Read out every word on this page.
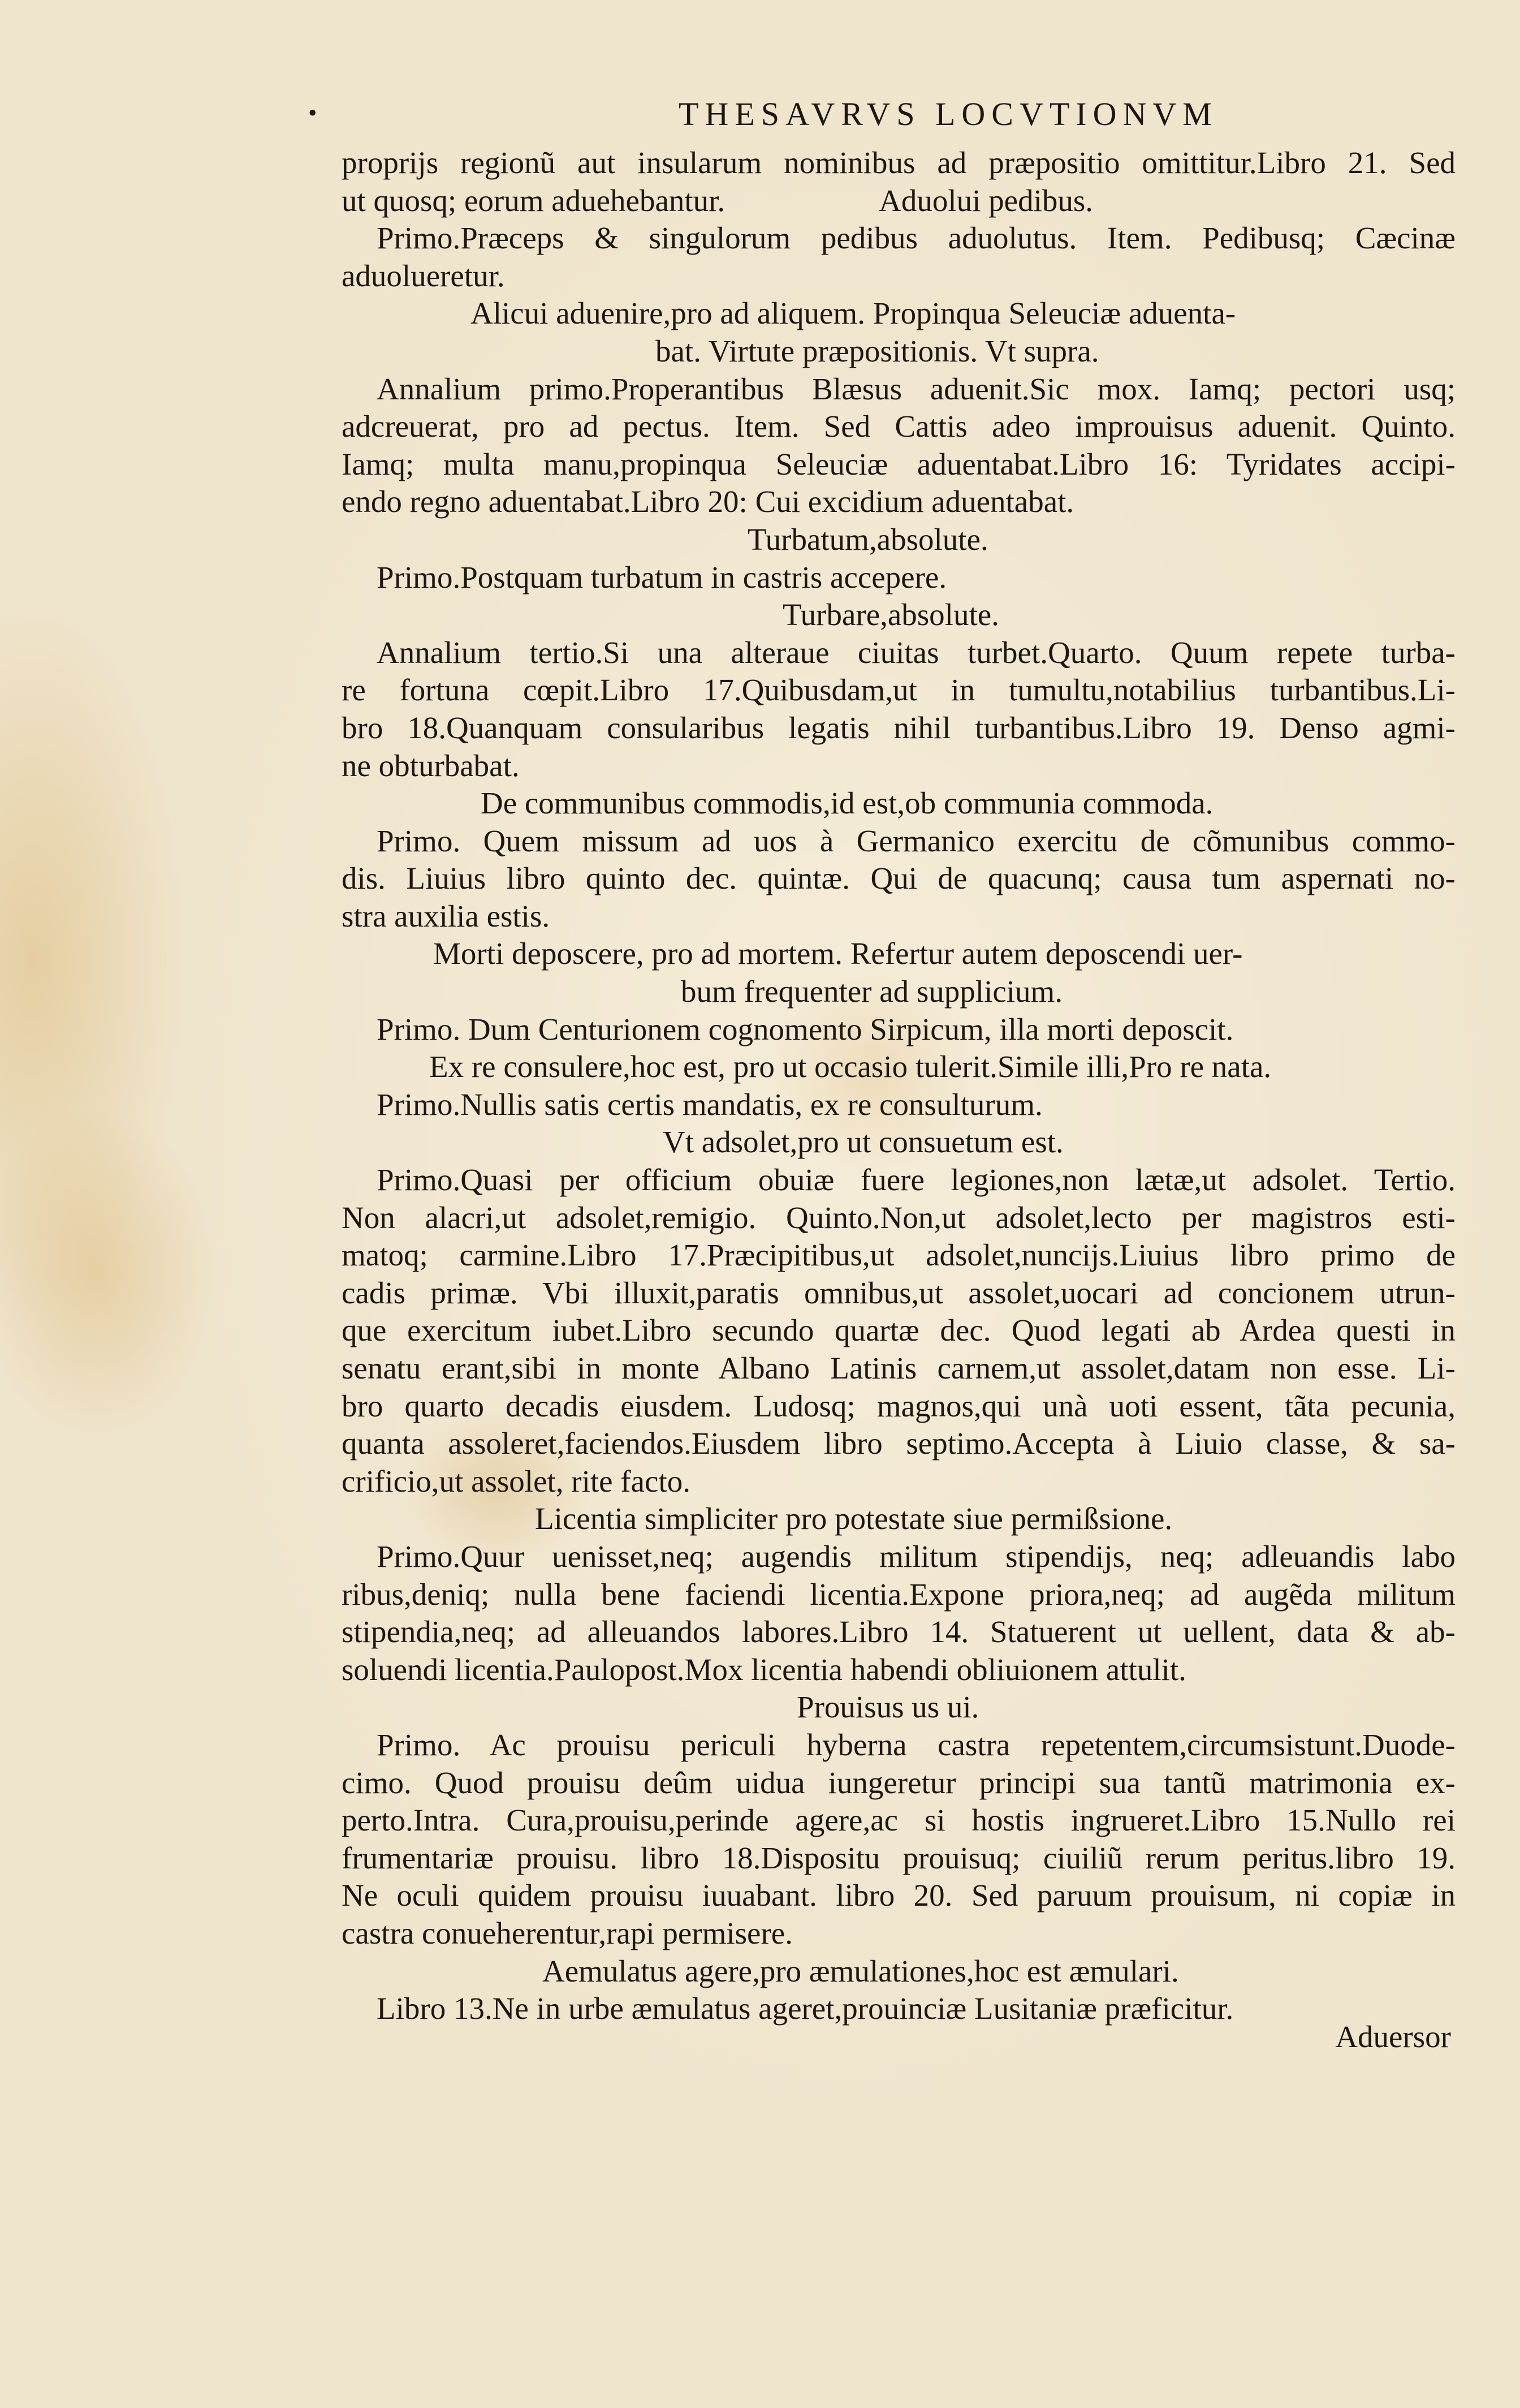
•	THESAVRVS LOCVTIONVM
propriјs regionũ aut insularum nominibus ad præpositio omittitur.Libro 21. Sed
ut quosq; eorum aduehebantur.                    Aduolui pedibus.
Primo.Præceps & singulorum pedibus aduolutus. Item. Pedibusq; Cæcinæ
aduolueretur.
Alicui aduenire,pro ad aliquem. Propinqua Seleuciæ aduenta-
bat. Virtute præpositionis. Vt supra.
Annalium primo.Properantibus Blæsus aduenit.Sic mox. Iamq; pectori usq;
adcreuerat, pro ad pectus. Item. Sed Cattis adeo improuisus aduenit. Quinto.
Iamq; multa manu,propinqua Seleuciæ aduentabat.Libro 16: Tyridates accipi-
endo regno aduentabat.Libro 20: Cui excidium aduentabat.
Turbatum,absolute.
Primo.Postquam turbatum in castris accepere.
Turbare,absolute.
Annalium tertio.Si una alteraue ciuitas turbet.Quarto. Quum repete turba-
re fortuna cœpit.Libro 17.Quibusdam,ut in tumultu,notabilius turbantibus.Li-
bro 18.Quanquam consularibus legatis nihil turbantibus.Libro 19. Denso agmi-
ne obturbabat.
De communibus commodis,id est,ob communia commoda.
Primo. Quem missum ad uos à Germanico exercitu de cõmunibus commo-
dis. Liuius libro quinto dec. quintæ. Qui de quacunq; causa tum aspernati no-
stra auxilia estis.
Morti deposcere, pro ad mortem. Refertur autem deposcendi uer-
bum frequenter ad supplicium.
Primo. Dum Centurionem cognomento Sirpicum, illa morti deposcit.
Ex re consulere,hoc est, pro ut occasio tulerit.Simile illi,Pro re nata.
Primo.Nullis satis certis mandatis, ex re consulturum.
Vt adsolet,pro ut consuetum est.
Primo.Quasi per officium obuiæ fuere legiones,non lætæ,ut adsolet. Tertio.
Non alacri,ut adsolet,remigio. Quinto.Non,ut adsolet,lecto per magistros esti-
matoq; carmine.Libro 17.Præcipitibus,ut adsolet,nuncijs.Liuius libro primo de
cadis primæ. Vbi illuxit,paratis omnibus,ut assolet,uocari ad concionem utrun-
que exercitum iubet.Libro secundo quartæ dec. Quod legati ab Ardea questi in
senatu erant,sibi in monte Albano Latinis carnem,ut assolet,datam non esse. Li-
bro quarto decadis eiusdem. Ludosq; magnos,qui unà uoti essent, tãta pecunia,
quanta assoleret,faciendos.Eiusdem libro septimo.Accepta à Liuio classe, & sa-
crificio,ut assolet, rite facto.
Licentia simpliciter pro potestate siue permißsione.
Primo.Quur uenisset,neq; augendis militum stipendijs, neq; adleuandis labo
ribus,deniq; nulla bene faciendi licentia.Expone priora,neq; ad augẽda militum
stipendia,neq; ad alleuandos labores.Libro 14. Statuerent ut uellent, data & ab-
soluendi licentia.Paulopost.Mox licentia habendi obliuionem attulit.
Prouisus us ui.
Primo. Ac prouisu periculi hyberna castra repetentem,circumsistunt.Duode-
cimo. Quod prouisu deûm uidua iungeretur principi sua tantũ matrimonia ex-
perto.Intra. Cura,prouisu,perinde agere,ac si hostis ingrueret.Libro 15.Nullo rei
frumentariæ prouisu. libro 18.Dispositu prouisuq; ciuiliũ rerum peritus.libro 19.
Ne oculi quidem prouisu iuuabant. libro 20. Sed paruum prouisum, ni copiæ in
castra conueherentur,rapi permisere.
Aemulatus agere,pro æmulationes,hoc est æmulari.
Libro 13.Ne in urbe æmulatus ageret,prouinciæ Lusitaniæ præficitur.
Aduersor
